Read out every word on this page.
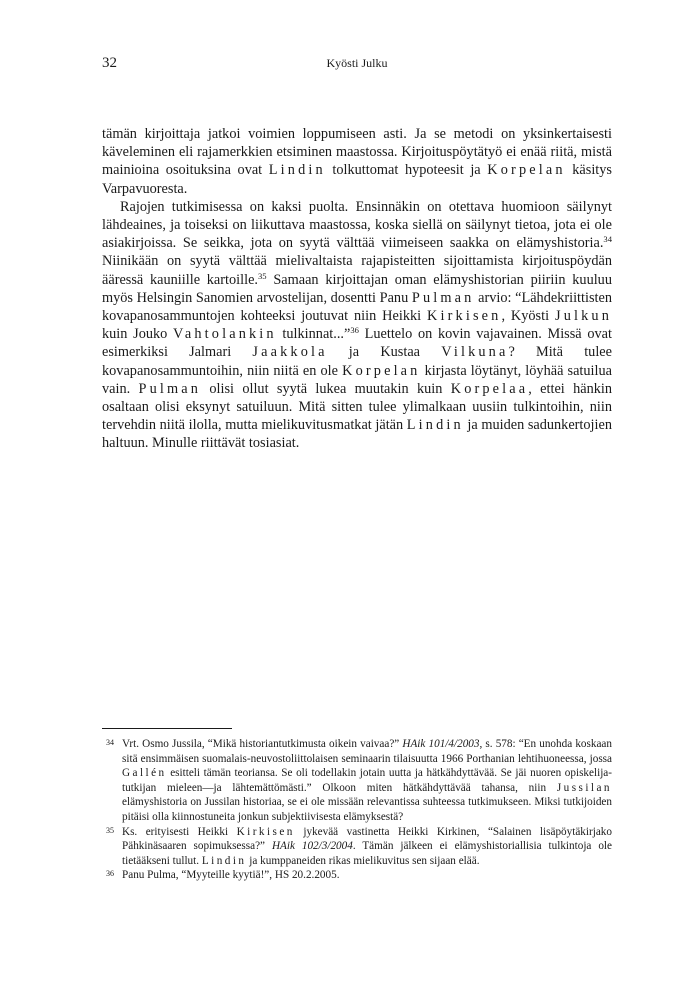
32	Kyösti Julku

tämän kirjoittaja jatkoi voimien loppumiseen asti. Ja se metodi on yksinkertaisesti käveleminen eli rajamerkkien etsiminen maastossa. Kirjoituspöytätyö ei enää riitä, mistä mainioina osoituksina ovat Lindin tolkuttomat hypoteesit ja Korpelan käsitys Varpavuoresta.

Rajojen tutkimisessa on kaksi puolta. Ensinnäkin on otettava huomioon säilynyt lähdeaines, ja toiseksi on liikuttava maastossa, koska siellä on säilynyt tietoa, jota ei ole asiakirjoissa. Se seikka, jota on syytä välttää viimeiseen saakka on elämyshistoria.$^{34}$ Niinikään on syytä välttää mielivaltaista rajapisteitten sijoittamista kirjoituspöydän ääressä kauniille kartoille.$^{35}$ Samaan kirjoittajan oman elämyshistorian piiriin kuuluu myös Helsingin Sanomien arvostelijan, dosentti Panu Pulman arvio: “Lähdekriittisten kovapanosammuntojen kohteeksi joutuvat niin Heikki Kirkisen, Kyösti Julkun kuin Jouko Vahtolankin tulkinnat...”$^{36}$ Luettelo on kovin vajavainen. Missä ovat esimerkiksi Jalmari Jaakkola ja Kustaa Vilkuna? Mitä tulee kovapanosammuntoihin, niin niitä en ole Korpelan kirjasta löytänyt, löyhää satuilua vain. Pulman olisi ollut syytä lukea muutakin kuin Korpelaa, ettei hänkin osaltaan olisi eksynyt satuiluun. Mitä sitten tulee ylimalkaan uusiin tulkintoihin, niin tervehdin niitä ilolla, mutta mielikuvitusmatkat jätän Lindin ja muiden sadunkertojien haltuun. Minulle riittävät tosiasiat.

34 Vrt. Osmo Jussila, “Mikä historiantutkimusta oikein vaivaa?” HAik 101/4/2003, s. 578: “En unohda koskaan sitä ensimmäisen suomalais-neuvostoliittolaisen seminaarin tilaisuutta 1966 Porthanian lehtihuoneessa, jossa Gallén esitteli tämän teoriansa. Se oli todellakin jotain uutta ja hätkähdyttävää. Se jäi nuoren opiskelija-tutkijan mieleen—ja lähtemättömästi.” Olkoon miten hätkähdyttävää tahansa, niin Jussilan elämyshistoria on Jussilan historiaa, se ei ole missään relevantissa suhteessa tutkimukseen. Miksi tutkijoiden pitäisi olla kiinnostuneita jonkun subjektiivisesta elämyksestä?

35 Ks. erityisesti Heikki Kirkisen jykevää vastinetta Heikki Kirkinen, “Salainen lisäpöytäkirjako Pähkinäsaaren sopimuksessa?” HAik 102/3/2004. Tämän jälkeen ei elämyshistoriallisia tulkintoja ole tietääkseni tullut. Lindin ja kumppaneiden rikas mielikuvitus sen sijaan elää.

36 Panu Pulma, “Myyteille kyytiä!”, HS 20.2.2005.
